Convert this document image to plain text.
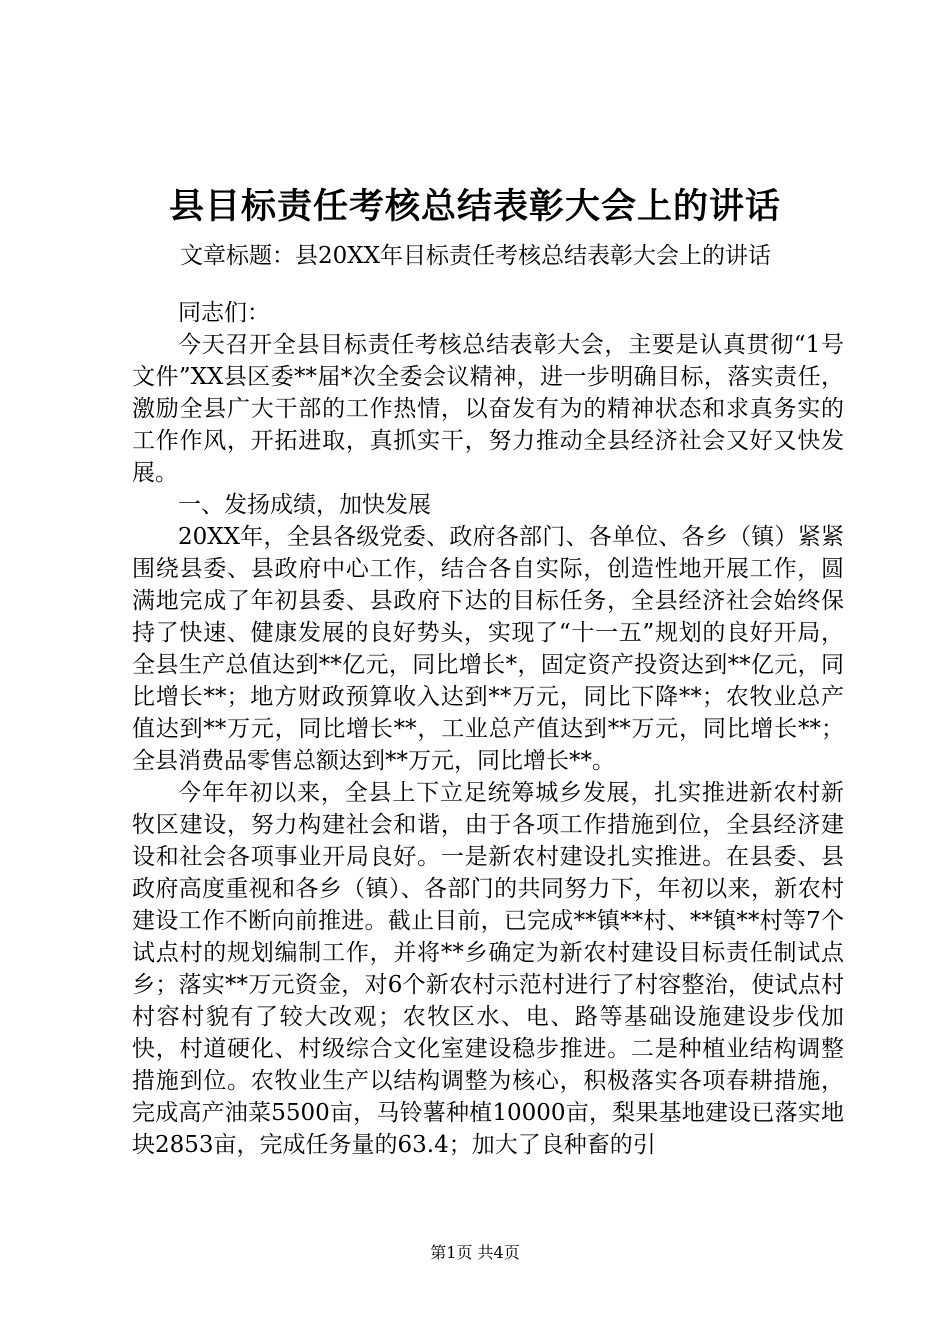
县目标责任考核总结表彰大会上的讲话

文章标题：县20XX年目标责任考核总结表彰大会上的讲话

同志们：

今天召开全县目标责任考核总结表彰大会，主要是认真贯彻“1号文件”XX县区委**届*次全委会议精神，进一步明确目标，落实责任，激励全县广大干部的工作热情，以奋发有为的精神状态和求真务实的工作作风，开拓进取，真抓实干，努力推动全县经济社会又好又快发展。

一、发扬成绩，加快发展

20XX年，全县各级党委、政府各部门、各单位、各乡（镇）紧紧围绕县委、县政府中心工作，结合各自实际，创造性地开展工作，圆满地完成了年初县委、县政府下达的目标任务，全县经济社会始终保持了快速、健康发展的良好势头，实现了“十一五”规划的良好开局，全县生产总值达到**亿元，同比增长*，固定资产投资达到**亿元，同比增长**；地方财政预算收入达到**万元，同比下降**；农牧业总产值达到**万元，同比增长**，工业总产值达到**万元，同比增长**；全县消费品零售总额达到**万元，同比增长**。

今年年初以来，全县上下立足统筹城乡发展，扎实推进新农村新牧区建设，努力构建社会和谐，由于各项工作措施到位，全县经济建设和社会各项事业开局良好。一是新农村建设扎实推进。在县委、县政府高度重视和各乡（镇）、各部门的共同努力下，年初以来，新农村建设工作不断向前推进。截止目前，已完成**镇**村、**镇**村等7个试点村的规划编制工作，并将**乡确定为新农村建设目标责任制试点乡；落实**万元资金，对6个新农村示范村进行了村容整治，使试点村村容村貌有了较大改观；农牧区水、电、路等基础设施建设步伐加快，村道硬化、村级综合文化室建设稳步推进。二是种植业结构调整措施到位。农牧业生产以结构调整为核心，积极落实各项春耕措施，完成高产油菜5500亩，马铃薯种植10000亩，梨果基地建设已落实地块2853亩，完成任务量的63.4；加大了良种畜的引

第1页 共4页
